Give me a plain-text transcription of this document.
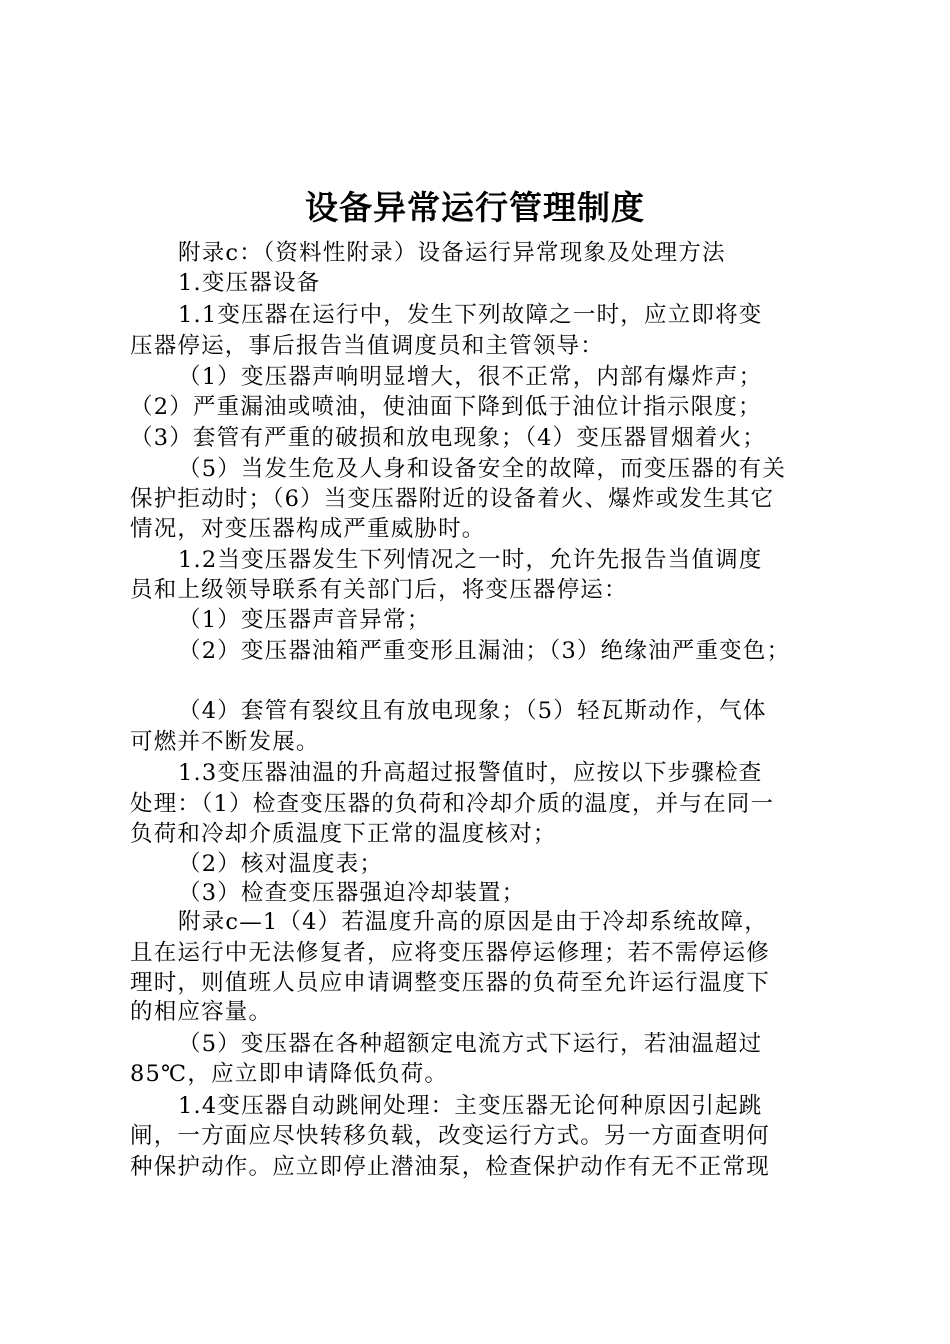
设备异常运行管理制度
附录c：（资料性附录）设备运行异常现象及处理方法
1.变压器设备
1.1变压器在运行中，发生下列故障之一时，应立即将变
压器停运，事后报告当值调度员和主管领导：
（1）变压器声响明显增大，很不正常，内部有爆炸声；
（2）严重漏油或喷油，使油面下降到低于油位计指示限度；
（3）套管有严重的破损和放电现象；（4）变压器冒烟着火；
（5）当发生危及人身和设备安全的故障，而变压器的有关
保护拒动时；（6）当变压器附近的设备着火、爆炸或发生其它
情况，对变压器构成严重威胁时。
1.2当变压器发生下列情况之一时，允许先报告当值调度
员和上级领导联系有关部门后，将变压器停运：
（1）变压器声音异常；
（2）变压器油箱严重变形且漏油；（3）绝缘油严重变色；
（4）套管有裂纹且有放电现象；（5）轻瓦斯动作，气体
可燃并不断发展。
1.3变压器油温的升高超过报警值时，应按以下步骤检查
处理：（1）检查变压器的负荷和冷却介质的温度，并与在同一
负荷和冷却介质温度下正常的温度核对；
（2）核对温度表；
（3）检查变压器强迫冷却装置；
附录c—1（4）若温度升高的原因是由于冷却系统故障，
且在运行中无法修复者，应将变压器停运修理；若不需停运修
理时，则值班人员应申请调整变压器的负荷至允许运行温度下
的相应容量。
（5）变压器在各种超额定电流方式下运行，若油温超过
85℃，应立即申请降低负荷。
1.4变压器自动跳闸处理：主变压器无论何种原因引起跳
闸，一方面应尽快转移负载，改变运行方式。另一方面查明何
种保护动作。应立即停止潜油泵，检查保护动作有无不正常现
